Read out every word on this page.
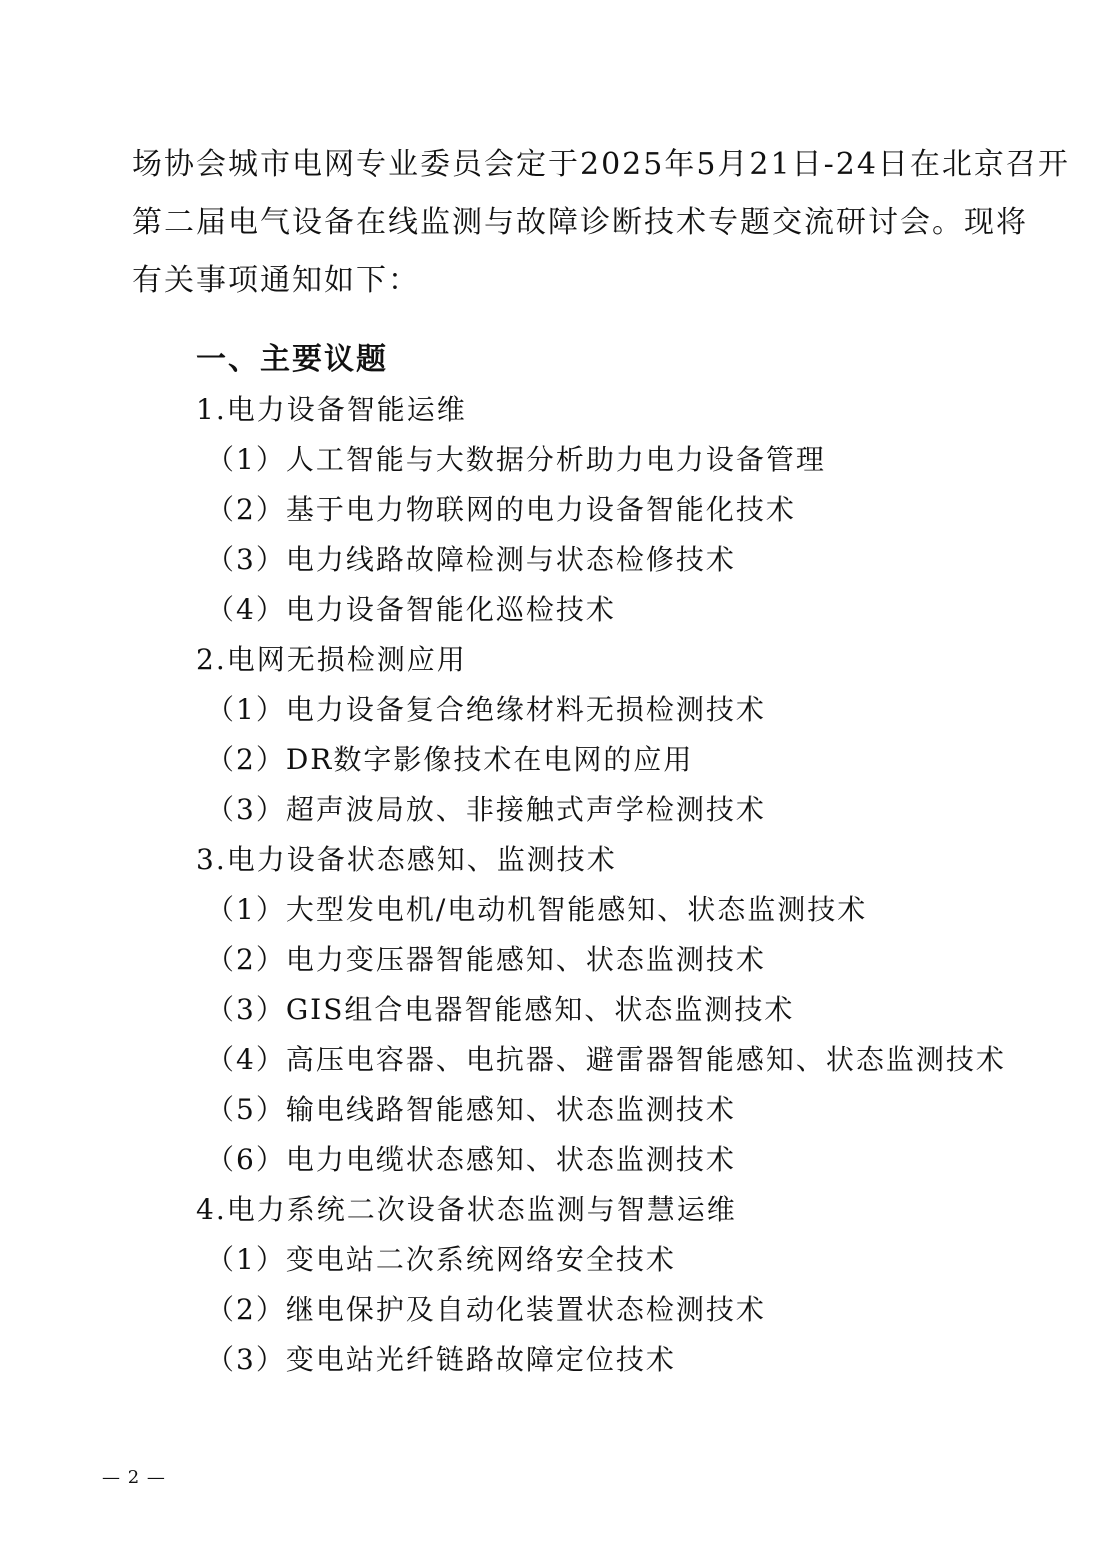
场协会城市电网专业委员会定于2025年5月21日-24日在北京召开
第二届电气设备在线监测与故障诊断技术专题交流研讨会。现将
有关事项通知如下：
一、主要议题
1.电力设备智能运维
（1）人工智能与大数据分析助力电力设备管理
（2）基于电力物联网的电力设备智能化技术
（3）电力线路故障检测与状态检修技术
（4）电力设备智能化巡检技术
2.电网无损检测应用
（1）电力设备复合绝缘材料无损检测技术
（2）DR数字影像技术在电网的应用
（3）超声波局放、非接触式声学检测技术
3.电力设备状态感知、监测技术
（1）大型发电机/电动机智能感知、状态监测技术
（2）电力变压器智能感知、状态监测技术
（3）GIS组合电器智能感知、状态监测技术
（4）高压电容器、电抗器、避雷器智能感知、状态监测技术
（5）输电线路智能感知、状态监测技术
（6）电力电缆状态感知、状态监测技术
4.电力系统二次设备状态监测与智慧运维
（1）变电站二次系统网络安全技术
（2）继电保护及自动化装置状态检测技术
（3）变电站光纤链路故障定位技术
— 2 —
